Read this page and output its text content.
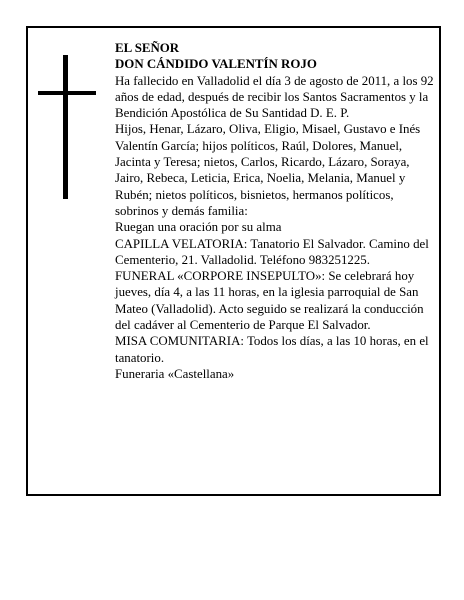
EL SEÑOR

DON CÁNDIDO VALENTÍN ROJO

Ha fallecido en Valladolid el día 3 de agosto de 2011, a los 92 años de edad, después de recibir los Santos Sacramentos y la Bendición Apostólica de Su Santidad D. E. P.

Hijos, Henar, Lázaro, Oliva, Eligio, Misael, Gustavo e Inés Valentín García; hijos políticos, Raúl, Dolores, Manuel, Jacinta y Teresa; nietos, Carlos, Ricardo, Lázaro, Soraya, Jairo, Rebeca, Leticia, Erica, Noelia, Melania, Manuel y Rubén; nietos políticos, bisnietos, hermanos políticos, sobrinos y demás familia:

Ruegan una oración por su alma

CAPILLA VELATORIA: Tanatorio El Salvador. Camino del Cementerio, 21. Valladolid. Teléfono 983251225.

FUNERAL «CORPORE INSEPULTO»: Se celebrará hoy jueves, día 4, a las 11 horas, en la iglesia parroquial de San Mateo (Valladolid). Acto seguido se realizará la conducción del cadáver al Cementerio de Parque El Salvador.

MISA COMUNITARIA: Todos los días, a las 10 horas, en el tanatorio.

Funeraria «Castellana»
